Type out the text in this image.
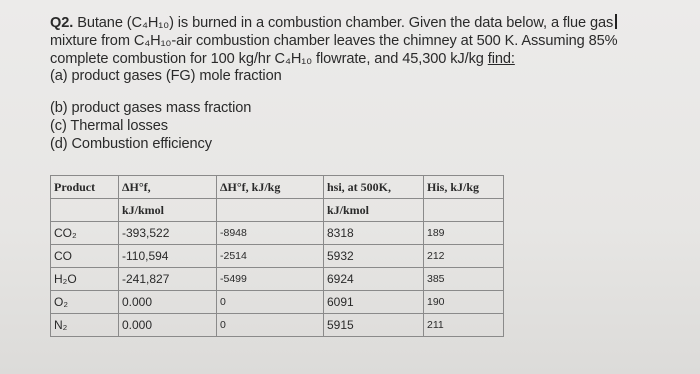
Q2. Butane (C₄H₁₀) is burned in a combustion chamber. Given the data below, a flue gas
mixture from C₄H₁₀-air combustion chamber leaves the chimney at 500 K. Assuming 85%
complete combustion for 100 kg/hr C₄H₁₀ flowrate, and 45,300 kJ/kg find:
(a) product gases (FG) mole fraction
(b) product gases mass fraction
(c) Thermal losses
(d) Combustion efficiency
Product	ΔH°f,	ΔH°f, kJ/kg	hsi, at 500K,	His, kJ/kg
	kJ/kmol		kJ/kmol	
CO₂	-393,522	-8948	8318	189
CO	-110,594	-2514	5932	212
H₂O	-241,827	-5499	6924	385
O₂	0.000	0	6091	190
N₂	0.000	0	5915	211
